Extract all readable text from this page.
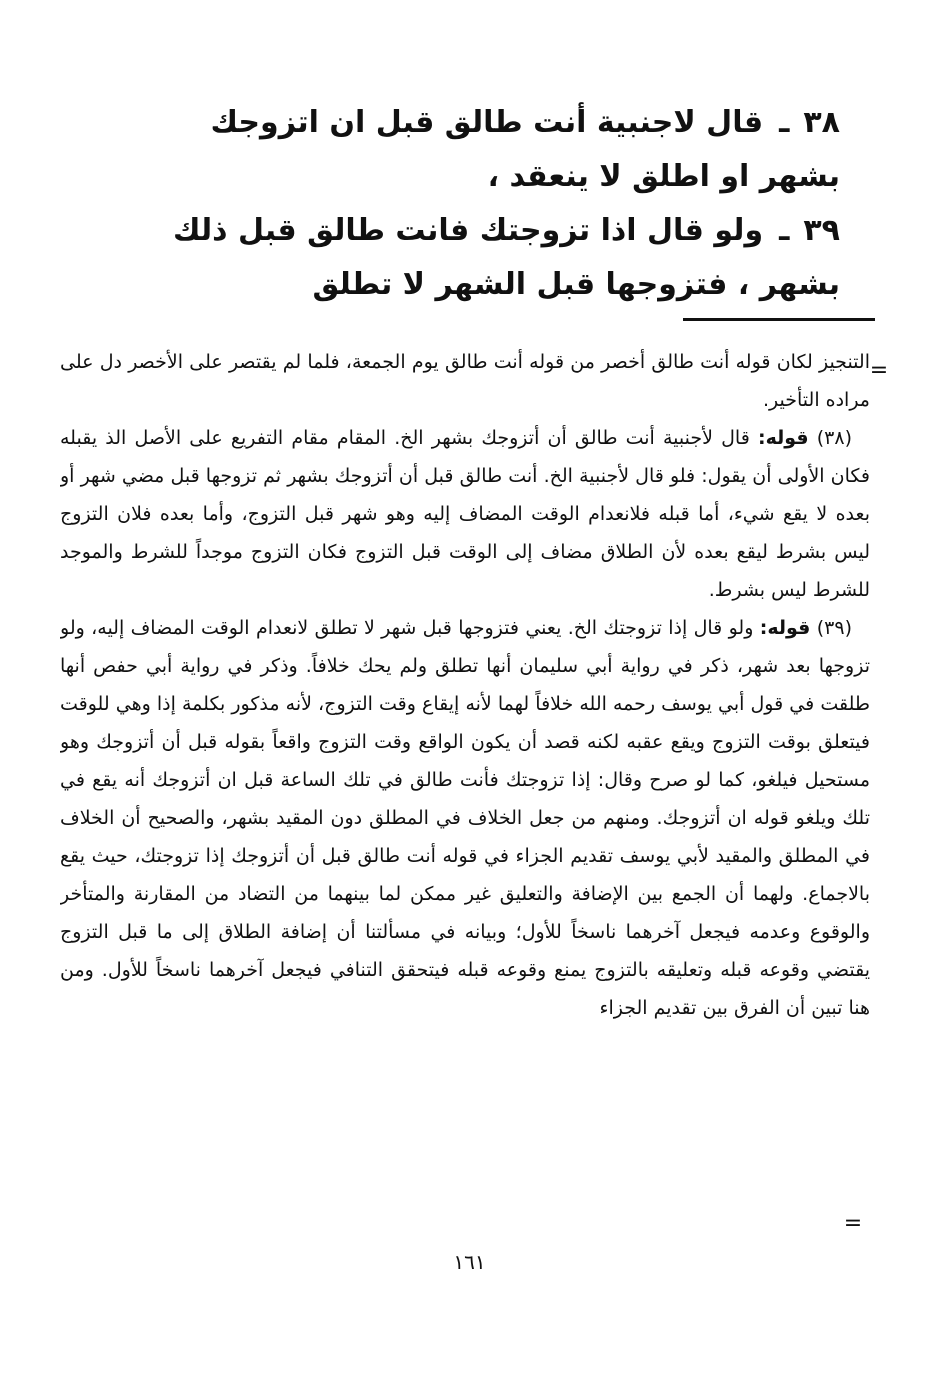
٣٨ـقال لاجنبية أنت طالق قبل ان اتزوجك بشهر او اطلق لا ينعقد ،
٣٩ـولو قال اذا تزوجتك فانت طالق قبل ذلك بشهر ، فتزوجها قبل الشهر لا تطلق
=

التنجيز لكان قوله أنت طالق أخصر من قوله أنت طالق يوم الجمعة، فلما لم يقتصر على الأخصر دل على مراده التأخير.

(٣٨) قوله: قال لأجنبية أنت طالق أن أتزوجك بشهر الخ. المقام مقام التفريع على الأصل الذ يقبله فكان الأولى أن يقول: فلو قال لأجنبية الخ. أنت طالق قبل أن أتزوجك بشهر ثم تزوجها قبل مضي شهر أو بعده لا يقع شيء، أما قبله فلانعدام الوقت المضاف إليه وهو شهر قبل التزوج، وأما بعده فلان التزوج ليس بشرط ليقع بعده لأن الطلاق مضاف إلى الوقت قبل التزوج فكان التزوج موجداً للشرط والموجد للشرط ليس بشرط.

(٣٩) قوله: ولو قال إذا تزوجتك الخ. يعني فتزوجها قبل شهر لا تطلق لانعدام الوقت المضاف إليه، ولو تزوجها بعد شهر، ذكر في رواية أبي سليمان أنها تطلق ولم يحك خلافاً. وذكر في رواية أبي حفص أنها طلقت في قول أبي يوسف رحمه الله خلافاً لهما لأنه إيقاع وقت التزوج، لأنه مذكور بكلمة إذا وهي للوقت فيتعلق بوقت التزوج ويقع عقبه لكنه قصد أن يكون الواقع وقت التزوج واقعاً بقوله قبل أن أتزوجك وهو مستحيل فيلغو، كما لو صرح وقال: إذا تزوجتك فأنت طالق في تلك الساعة قبل ان أتزوجك أنه يقع في تلك ويلغو قوله ان أتزوجك. ومنهم من جعل الخلاف في المطلق دون المقيد بشهر، والصحيح أن الخلاف في المطلق والمقيد لأبي يوسف تقديم الجزاء في قوله أنت طالق قبل أن أتزوجك إذا تزوجتك، حيث يقع بالاجماع. ولهما أن الجمع بين الإضافة والتعليق غير ممكن لما بينهما من التضاد من المقارنة والمتأخر والوقوع وعدمه فيجعل آخرهما ناسخاً للأول؛ وبيانه في مسألتنا أن إضافة الطلاق إلى ما قبل التزوج يقتضي وقوعه قبله وتعليقه بالتزوج يمنع وقوعه قبله فيتحقق التنافي فيجعل آخرهما ناسخاً للأول. ومن هنا تبين أن الفرق بين تقديم الجزاء

=
١٦١
